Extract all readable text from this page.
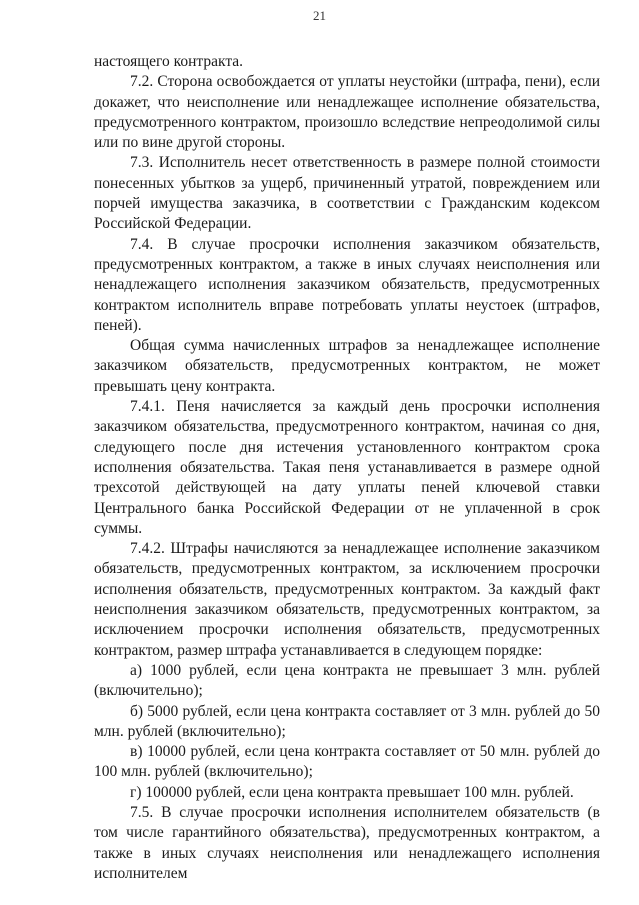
21

настоящего контракта.

7.2. Сторона освобождается от уплаты неустойки (штрафа, пени), если докажет, что неисполнение или ненадлежащее исполнение обязательства, предусмотренного контрактом, произошло вследствие непреодолимой силы или по вине другой стороны.

7.3. Исполнитель несет ответственность в размере полной стоимости понесенных убытков за ущерб, причиненный утратой, повреждением или порчей имущества заказчика, в соответствии с Гражданским кодексом Российской Федерации.

7.4. В случае просрочки исполнения заказчиком обязательств, предусмотренных контрактом, а также в иных случаях неисполнения или ненадлежащего исполнения заказчиком обязательств, предусмотренных контрактом исполнитель вправе потребовать уплаты неустоек (штрафов, пеней).

Общая сумма начисленных штрафов за ненадлежащее исполнение заказчиком обязательств, предусмотренных контрактом, не может превышать цену контракта.

7.4.1. Пеня начисляется за каждый день просрочки исполнения заказчиком обязательства, предусмотренного контрактом, начиная со дня, следующего после дня истечения установленного контрактом срока исполнения обязательства. Такая пеня устанавливается в размере одной трехсотой действующей на дату уплаты пеней ключевой ставки Центрального банка Российской Федерации от не уплаченной в срок суммы.

7.4.2. Штрафы начисляются за ненадлежащее исполнение заказчиком обязательств, предусмотренных контрактом, за исключением просрочки исполнения обязательств, предусмотренных контрактом. За каждый факт неисполнения заказчиком обязательств, предусмотренных контрактом, за исключением просрочки исполнения обязательств, предусмотренных контрактом, размер штрафа устанавливается в следующем порядке:

а) 1000 рублей, если цена контракта не превышает 3 млн. рублей (включительно);

б) 5000 рублей, если цена контракта составляет от 3 млн. рублей до 50 млн. рублей (включительно);

в) 10000 рублей, если цена контракта составляет от 50 млн. рублей до 100 млн. рублей (включительно);

г) 100000 рублей, если цена контракта превышает 100 млн. рублей.

7.5. В случае просрочки исполнения исполнителем обязательств (в том числе гарантийного обязательства), предусмотренных контрактом, а также в иных случаях неисполнения или ненадлежащего исполнения исполнителем
